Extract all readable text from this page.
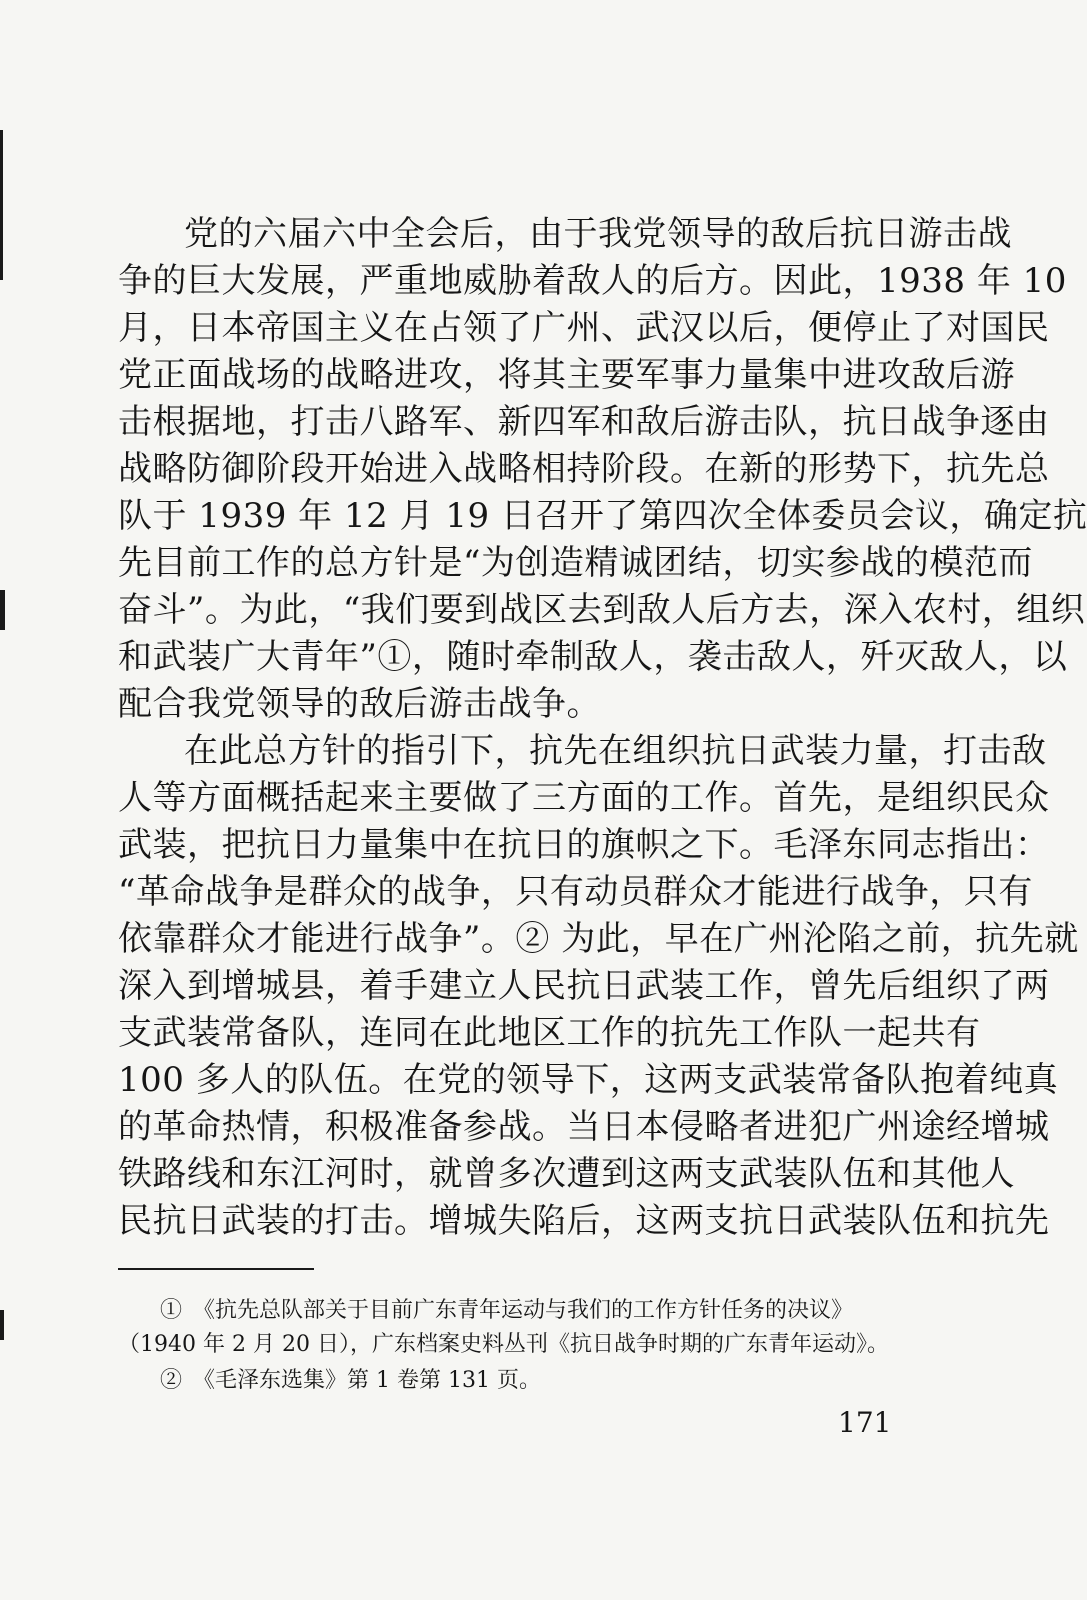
党的六届六中全会后，由于我党领导的敌后抗日游击战
争的巨大发展，严重地威胁着敌人的后方。因此，1938 年 10
月，日本帝国主义在占领了广州、武汉以后，便停止了对国民
党正面战场的战略进攻，将其主要军事力量集中进攻敌后游
击根据地，打击八路军、新四军和敌后游击队，抗日战争逐由
战略防御阶段开始进入战略相持阶段。在新的形势下，抗先总
队于 1939 年 12 月 19 日召开了第四次全体委员会议，确定抗
先目前工作的总方针是“为创造精诚团结，切实参战的模范而
奋斗”。为此，“我们要到战区去到敌人后方去，深入农村，组织
和武装广大青年”①，随时牵制敌人，袭击敌人，歼灭敌人，以
配合我党领导的敌后游击战争。
在此总方针的指引下，抗先在组织抗日武装力量，打击敌
人等方面概括起来主要做了三方面的工作。首先，是组织民众
武装，把抗日力量集中在抗日的旗帜之下。毛泽东同志指出：
“革命战争是群众的战争，只有动员群众才能进行战争，只有
依靠群众才能进行战争”。② 为此，早在广州沦陷之前，抗先就
深入到增城县，着手建立人民抗日武装工作，曾先后组织了两
支武装常备队，连同在此地区工作的抗先工作队一起共有
100 多人的队伍。在党的领导下，这两支武装常备队抱着纯真
的革命热情，积极准备参战。当日本侵略者进犯广州途经增城
铁路线和东江河时，就曾多次遭到这两支武装队伍和其他人
民抗日武装的打击。增城失陷后，这两支抗日武装队伍和抗先
①　《抗先总队部关于目前广东青年运动与我们的工作方针任务的决议》
（1940 年 2 月 20 日），广东档案史料丛刊《抗日战争时期的广东青年运动》。
②　《毛泽东选集》第 1 卷第 131 页。
171
